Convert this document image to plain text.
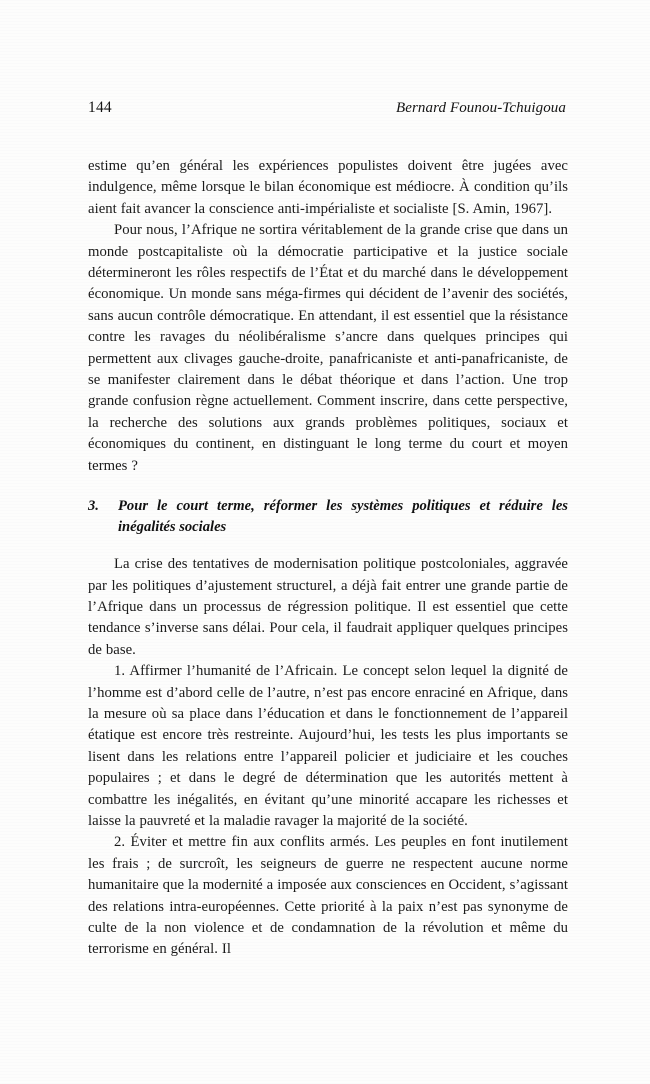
144	Bernard Founou-Tchuigoua

estime qu’en général les expériences populistes doivent être jugées avec indulgence, même lorsque le bilan économique est médiocre. À condition qu’ils aient fait avancer la conscience anti-impérialiste et socialiste [S. Amin, 1967].

Pour nous, l’Afrique ne sortira véritablement de la grande crise que dans un monde postcapitaliste où la démocratie participative et la justice sociale détermineront les rôles respectifs de l’État et du marché dans le développement économique. Un monde sans méga-firmes qui décident de l’avenir des sociétés, sans aucun contrôle démocratique. En attendant, il est essentiel que la résistance contre les ravages du néolibéralisme s’ancre dans quelques principes qui permettent aux clivages gauche-droite, panafricaniste et anti-panafricaniste, de se manifester clairement dans le débat théorique et dans l’action. Une trop grande confusion règne actuellement. Comment inscrire, dans cette perspective, la recherche des solutions aux grands problèmes politiques, sociaux et économiques du continent, en distinguant le long terme du court et moyen termes ?

3.	Pour le court terme, réformer les systèmes politiques et réduire les inégalités sociales

La crise des tentatives de modernisation politique postcoloniales, aggravée par les politiques d’ajustement structurel, a déjà fait entrer une grande partie de l’Afrique dans un processus de régression politique. Il est essentiel que cette tendance s’inverse sans délai. Pour cela, il faudrait appliquer quelques principes de base.

1. Affirmer l’humanité de l’Africain. Le concept selon lequel la dignité de l’homme est d’abord celle de l’autre, n’est pas encore enraciné en Afrique, dans la mesure où sa place dans l’éducation et dans le fonctionnement de l’appareil étatique est encore très restreinte. Aujourd’hui, les tests les plus importants se lisent dans les relations entre l’appareil policier et judiciaire et les couches populaires ; et dans le degré de détermination que les autorités mettent à combattre les inégalités, en évitant qu’une minorité accapare les richesses et laisse la pauvreté et la maladie ravager la majorité de la société.

2. Éviter et mettre fin aux conflits armés. Les peuples en font inutilement les frais ; de surcroît, les seigneurs de guerre ne respectent aucune norme humanitaire que la modernité a imposée aux consciences en Occident, s’agissant des relations intra-européennes. Cette priorité à la paix n’est pas synonyme de culte de la non violence et de condamnation de la révolution et même du terrorisme en général. Il
